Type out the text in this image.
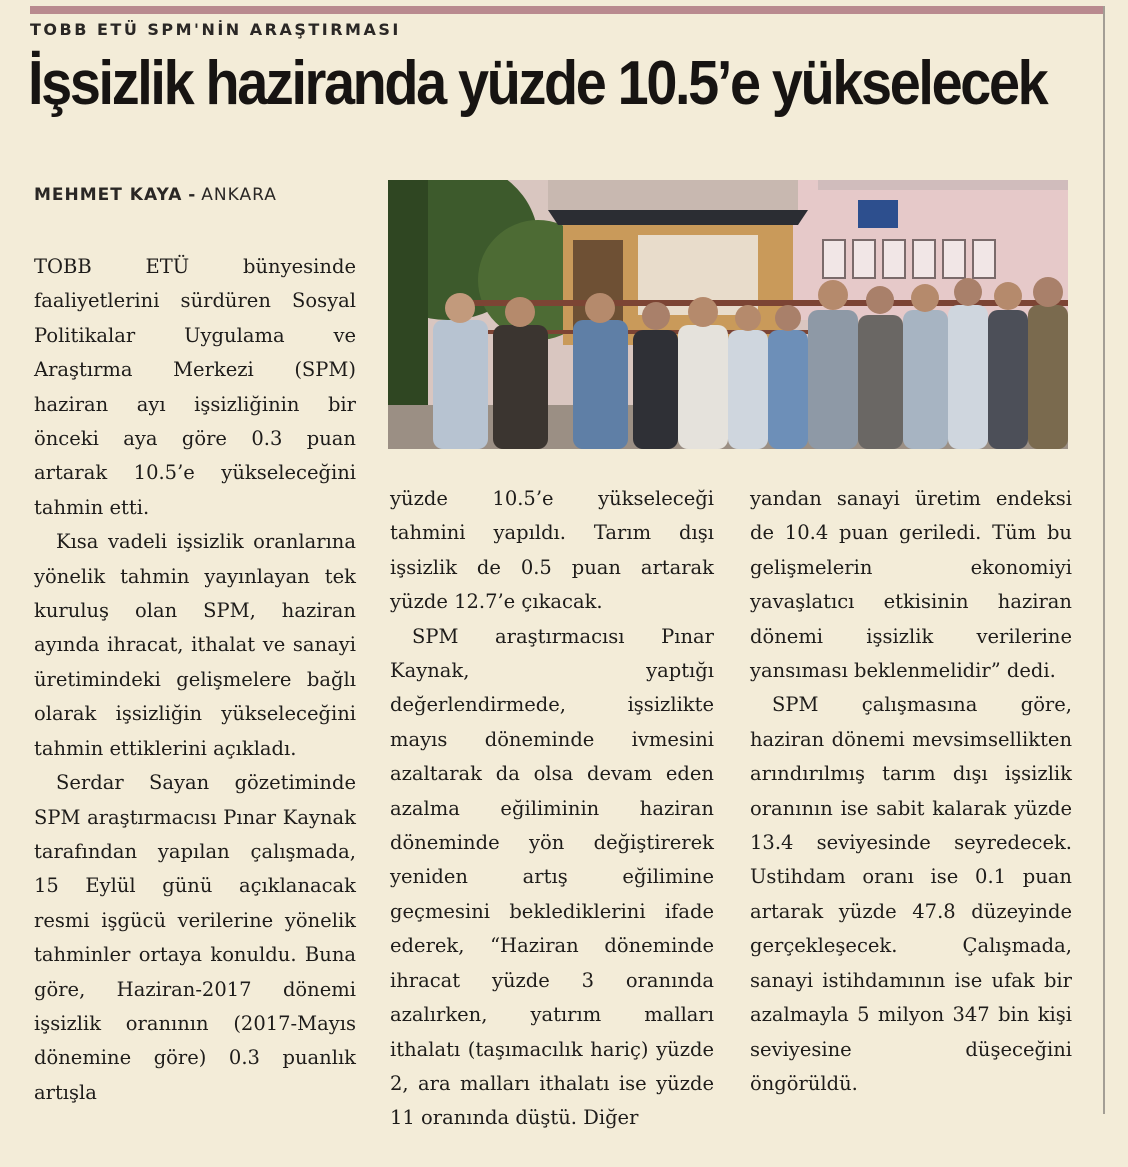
TOBB ETÜ SPM'NİN ARAŞTIRMASI
İşsizlik haziranda yüzde 10.5’e yükselecek
MEHMET KAYA - ANKARA

TOBB ETÜ bünyesinde faaliyetlerini sürdüren Sosyal Politikalar Uygulama ve Araştırma Merkezi (SPM) haziran ayı işsizliğinin bir önceki aya göre 0.3 puan artarak 10.5’e yükseleceğini tahmin etti.

Kısa vadeli işsizlik oranlarına yönelik tahmin yayınlayan tek kuruluş olan SPM, haziran ayında ihracat, ithalat ve sanayi üretimindeki gelişmelere bağlı olarak işsizliğin yükseleceğini tahmin ettiklerini açıkladı.

Serdar Sayan gözetiminde SPM araştırmacısı Pınar Kaynak tarafından yapılan çalışmada, 15 Eylül günü açıklanacak resmi işgücü verilerine yönelik tahminler ortaya konuldu. Buna göre, Haziran-2017 dönemi işsizlik oranının (2017-Mayıs dönemine göre) 0.3 puanlık artışla

yüzde 10.5’e yükseleceği tahmini yapıldı. Tarım dışı işsizlik de 0.5 puan artarak yüzde 12.7’e çıkacak.

SPM araştırmacısı Pınar Kaynak, yaptığı değerlendirmede, işsizlikte mayıs döneminde ivmesini azaltarak da olsa devam eden azalma eğiliminin haziran döneminde yön değiştirerek yeniden artış eğilimine geçmesini beklediklerini ifade ederek, “Haziran döneminde ihracat yüzde 3 oranında azalırken, yatırım malları ithalatı (taşımacılık hariç) yüzde 2, ara malları ithalatı ise yüzde 11 oranında düştü. Diğer

yandan sanayi üretim endeksi de 10.4 puan geriledi. Tüm bu gelişmelerin ekonomiyi yavaşlatıcı etkisinin haziran dönemi işsizlik verilerine yansıması beklenmelidir” dedi.

SPM çalışmasına göre, haziran dönemi mevsimsellikten arındırılmış tarım dışı işsizlik oranının ise sabit kalarak yüzde 13.4 seviyesinde seyredecek. Ustihdam oranı ise 0.1 puan artarak yüzde 47.8 düzeyinde gerçekleşecek. Çalışmada, sanayi istihdamının ise ufak bir azalmayla 5 milyon 347 bin kişi seviyesine düşeceğini öngörüldü.
